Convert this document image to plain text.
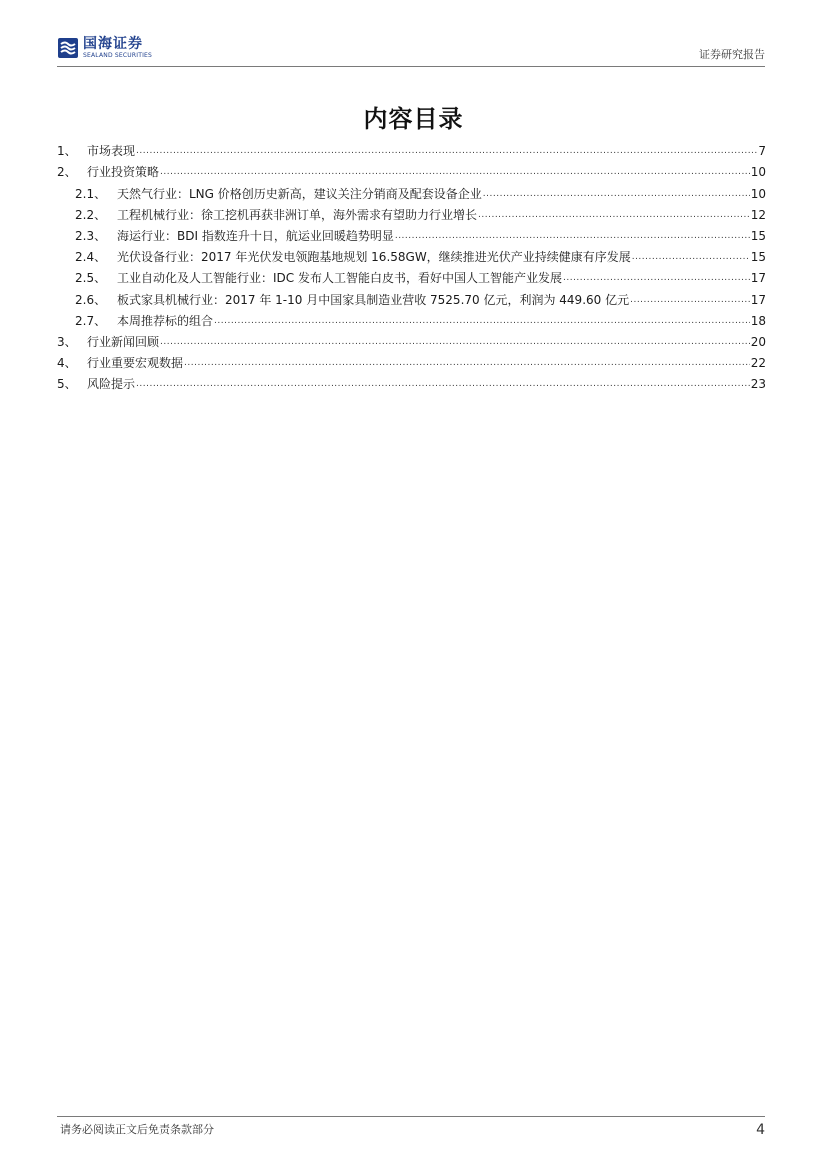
国海证券
SEALAND SECURITIES	证券研究报告
内容目录
1、 市场表现 .....	7
2、 行业投资策略 .....	10
2.1、 天然气行业：LNG 价格创历史新高，建议关注分销商及配套设备企业 .....	10
2.2、 工程机械行业：徐工挖机再获非洲订单，海外需求有望助力行业增长 .....	12
2.3、 海运行业：BDI 指数连升十日，航运业回暖趋势明显 .....	15
2.4、 光伏设备行业：2017 年光伏发电领跑基地规划 16.58GW，继续推进光伏产业持续健康有序发展 .....	15
2.5、 工业自动化及人工智能行业：IDC 发布人工智能白皮书，看好中国人工智能产业发展 .....	17
2.6、 板式家具机械行业：2017 年 1-10 月中国家具制造业营收 7525.70 亿元，利润为 449.60 亿元 .....	17
2.7、 本周推荐标的组合 .....	18
3、 行业新闻回顾 .....	20
4、 行业重要宏观数据 .....	22
5、 风险提示 .....	23
请务必阅读正文后免责条款部分	4
